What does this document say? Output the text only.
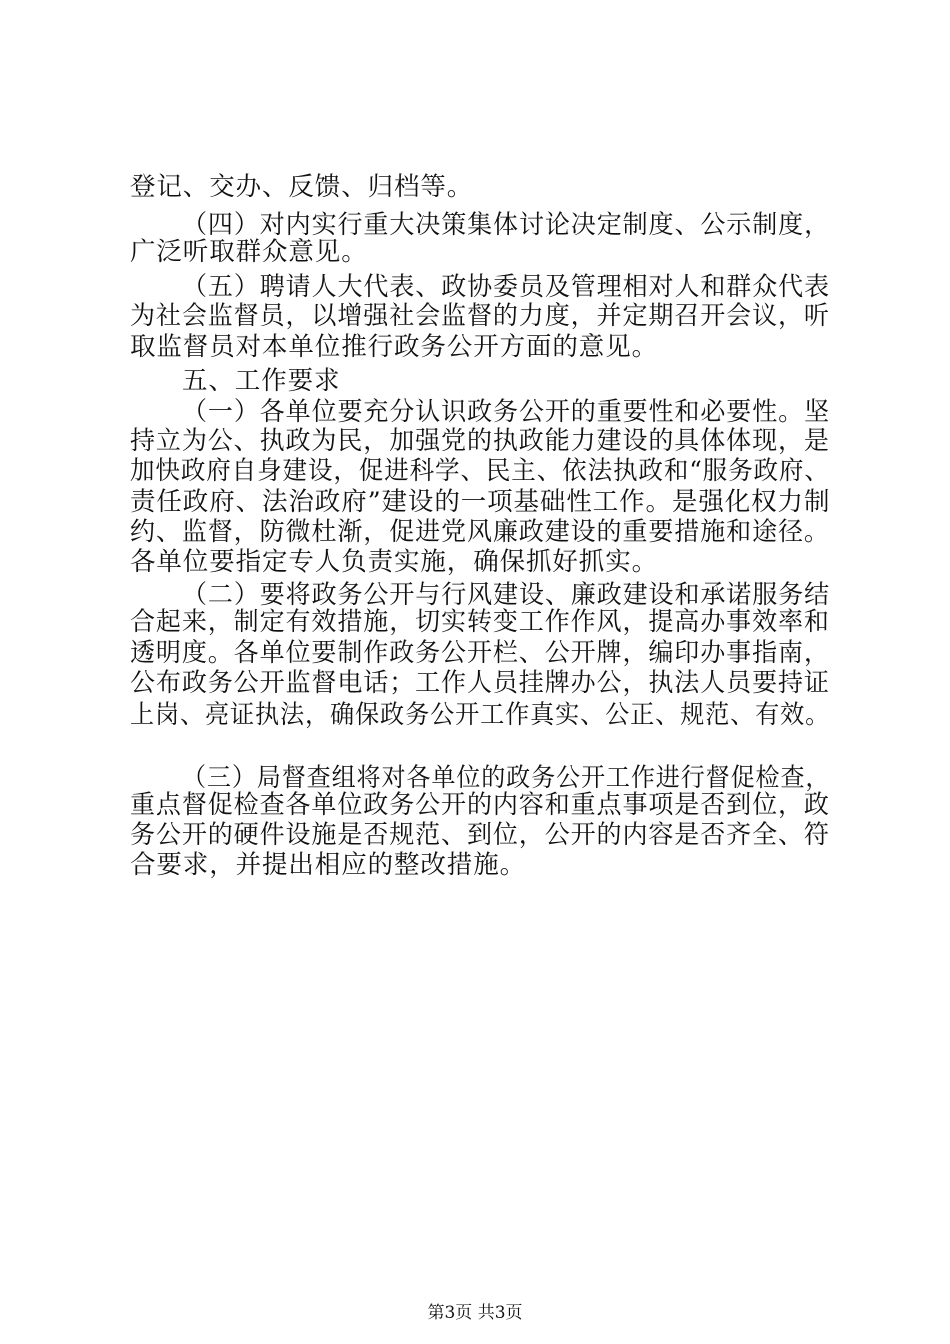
登记、交办、反馈、归档等。
（四）对内实行重大决策集体讨论决定制度、公示制度，
广泛听取群众意见。
（五）聘请人大代表、政协委员及管理相对人和群众代表
为社会监督员，以增强社会监督的力度，并定期召开会议，听
取监督员对本单位推行政务公开方面的意见。
五、工作要求
（一）各单位要充分认识政务公开的重要性和必要性。坚
持立为公、执政为民，加强党的执政能力建设的具体体现，是
加快政府自身建设，促进科学、民主、依法执政和“服务政府、
责任政府、法治政府”建设的一项基础性工作。是强化权力制
约、监督，防微杜渐，促进党风廉政建设的重要措施和途径。
各单位要指定专人负责实施，确保抓好抓实。
（二）要将政务公开与行风建设、廉政建设和承诺服务结
合起来，制定有效措施，切实转变工作作风，提高办事效率和
透明度。各单位要制作政务公开栏、公开牌，编印办事指南，
公布政务公开监督电话；工作人员挂牌办公，执法人员要持证
上岗、亮证执法，确保政务公开工作真实、公正、规范、有效。
（三）局督查组将对各单位的政务公开工作进行督促检查，
重点督促检查各单位政务公开的内容和重点事项是否到位，政
务公开的硬件设施是否规范、到位，公开的内容是否齐全、符
合要求，并提出相应的整改措施。
第3页 共3页
